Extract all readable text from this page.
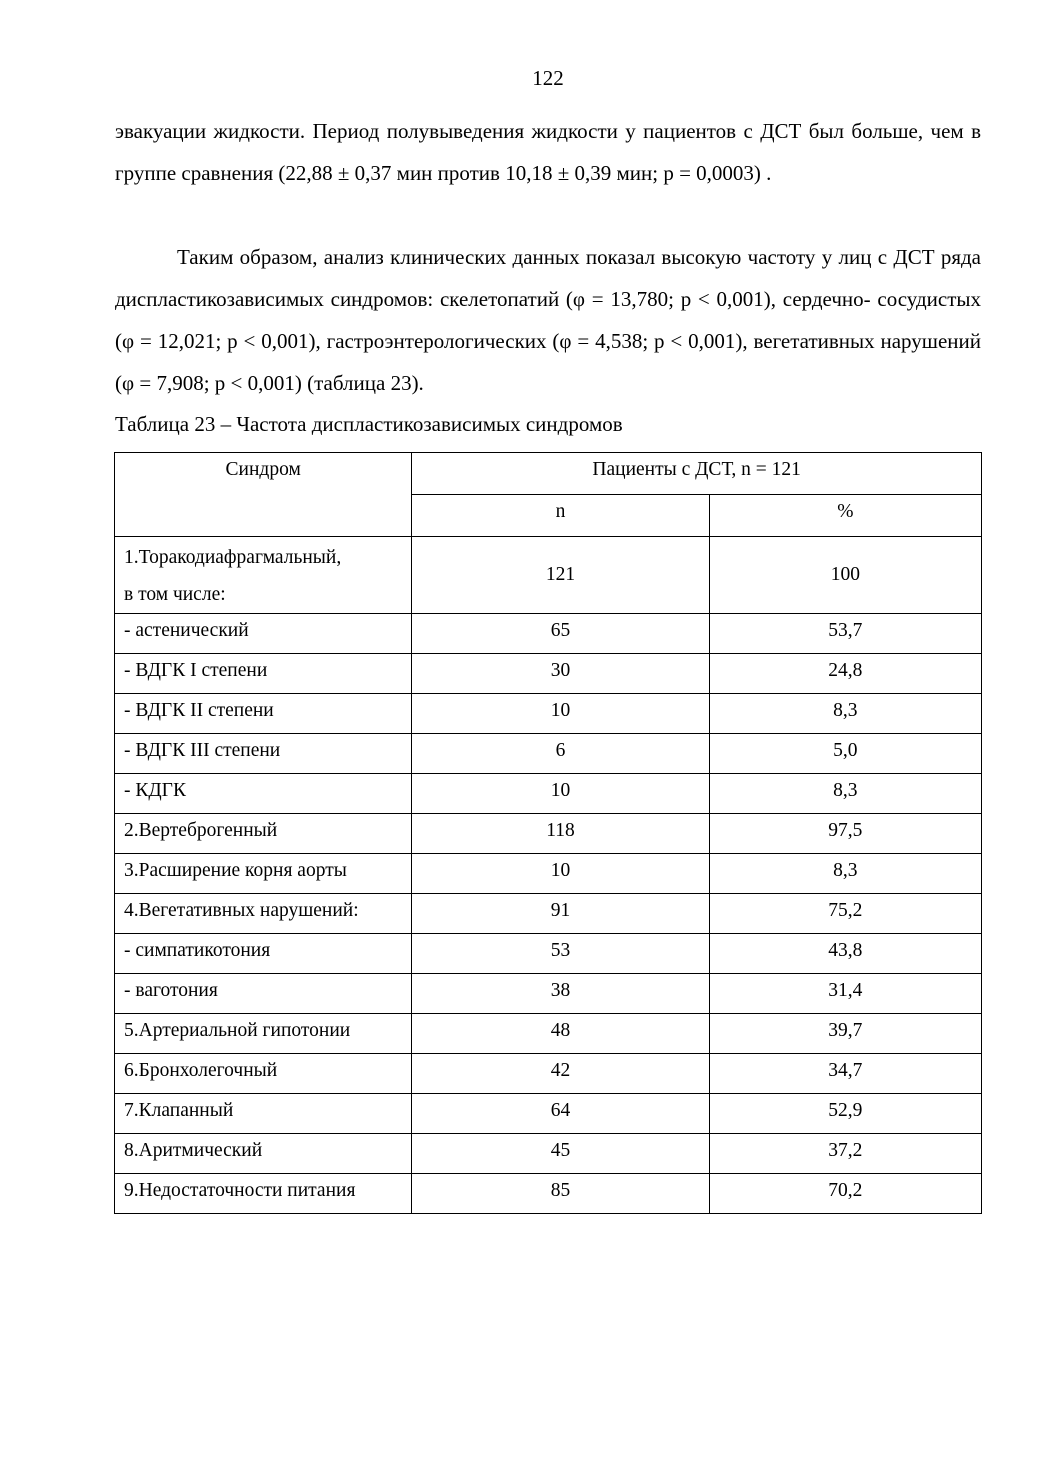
122

эвакуации жидкости. Период полувыведения жидкости у пациентов с ДСТ был больше, чем в группе сравнения (22,88 ± 0,37 мин против 10,18 ± 0,39 мин; p = 0,0003) .

Таким образом, анализ клинических данных показал высокую частоту у лиц с ДСТ ряда диспластикозависимых синдромов: скелетопатий (φ = 13,780; p < 0,001), сердечно- сосудистых (φ = 12,021; p < 0,001), гастроэнтерологических (φ = 4,538; p < 0,001), вегетативных нарушений (φ = 7,908; p < 0,001) (таблица 23).

Таблица 23 – Частота диспластикозависимых синдромов
Синдром	Пациенты с ДСТ, n = 121	
	n	%
1.Торакодиафрагмальный,
в том числе:	121	100
- астенический	65	53,7
- ВДГК I степени	30	24,8
- ВДГК II степени	10	8,3
- ВДГК III степени	6	5,0
- КДГК	10	8,3
2.Вертеброгенный	118	97,5
3.Расширение корня аорты	10	8,3
4.Вегетативных нарушений:	91	75,2
- симпатикотония	53	43,8
- ваготония	38	31,4
5.Артериальной гипотонии	48	39,7
6.Бронхолегочный	42	34,7
7.Клапанный	64	52,9
8.Аритмический	45	37,2
9.Недостаточности питания	85	70,2
